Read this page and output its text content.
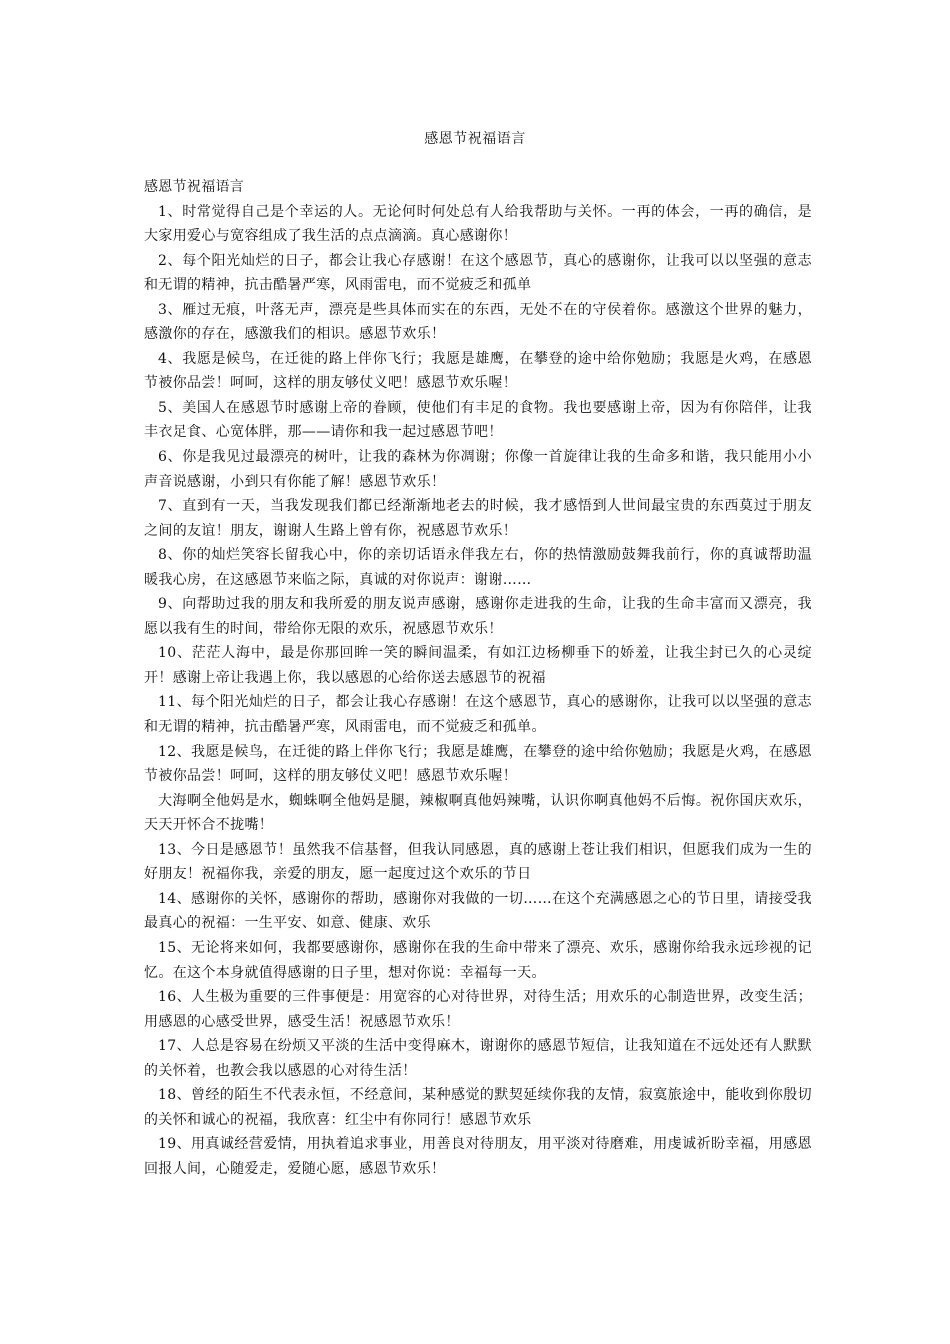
感恩节祝福语言

感恩节祝福语言

1、时常觉得自己是个幸运的人。无论何时何处总有人给我帮助与关怀。一再的体会，一再的确信，是大家用爱心与宽容组成了我生活的点点滴滴。真心感谢你！

2、每个阳光灿烂的日子，都会让我心存感谢！在这个感恩节，真心的感谢你，让我可以以坚强的意志和无谓的精神，抗击酷暑严寒，风雨雷电，而不觉疲乏和孤单

3、雁过无痕，叶落无声，漂亮是些具体而实在的东西，无处不在的守侯着你。感激这个世界的魅力，感激你的存在，感激我们的相识。感恩节欢乐！

4、我愿是候鸟，在迁徙的路上伴你飞行；我愿是雄鹰，在攀登的途中给你勉励；我愿是火鸡，在感恩节被你品尝！呵呵，这样的朋友够仗义吧！感恩节欢乐喔！

5、美国人在感恩节时感谢上帝的眷顾，使他们有丰足的食物。我也要感谢上帝，因为有你陪伴，让我丰衣足食、心宽体胖，那——请你和我一起过感恩节吧！

6、你是我见过最漂亮的树叶，让我的森林为你凋谢；你像一首旋律让我的生命多和谐，我只能用小小声音说感谢，小到只有你能了解！感恩节欢乐！

7、直到有一天，当我发现我们都已经渐渐地老去的时候，我才感悟到人世间最宝贵的东西莫过于朋友之间的友谊！朋友，谢谢人生路上曾有你，祝感恩节欢乐！

8、你的灿烂笑容长留我心中，你的亲切话语永伴我左右，你的热情激励鼓舞我前行，你的真诚帮助温暖我心房，在这感恩节来临之际，真诚的对你说声：谢谢……

9、向帮助过我的朋友和我所爱的朋友说声感谢，感谢你走进我的生命，让我的生命丰富而又漂亮，我愿以我有生的时间，带给你无限的欢乐，祝感恩节欢乐！

10、茫茫人海中，最是你那回眸一笑的瞬间温柔，有如江边杨柳垂下的娇羞，让我尘封已久的心灵绽开！感谢上帝让我遇上你，我以感恩的心给你送去感恩节的祝福

11、每个阳光灿烂的日子，都会让我心存感谢！在这个感恩节，真心的感谢你，让我可以以坚强的意志和无谓的精神，抗击酷暑严寒，风雨雷电，而不觉疲乏和孤单。

12、我愿是候鸟，在迁徙的路上伴你飞行；我愿是雄鹰，在攀登的途中给你勉励；我愿是火鸡，在感恩节被你品尝！呵呵，这样的朋友够仗义吧！感恩节欢乐喔！

大海啊全他妈是水，蜘蛛啊全他妈是腿，辣椒啊真他妈辣嘴，认识你啊真他妈不后悔。祝你国庆欢乐，天天开怀合不拢嘴！

13、今日是感恩节！虽然我不信基督，但我认同感恩，真的感谢上苍让我们相识，但愿我们成为一生的好朋友！祝福你我，亲爱的朋友，愿一起度过这个欢乐的节日

14、感谢你的关怀，感谢你的帮助，感谢你对我做的一切……在这个充满感恩之心的节日里，请接受我最真心的祝福：一生平安、如意、健康、欢乐

15、无论将来如何，我都要感谢你，感谢你在我的生命中带来了漂亮、欢乐，感谢你给我永远珍视的记忆。在这个本身就值得感谢的日子里，想对你说：幸福每一天。

16、人生极为重要的三件事便是：用宽容的心对待世界，对待生活；用欢乐的心制造世界，改变生活；用感恩的心感受世界，感受生活！祝感恩节欢乐！

17、人总是容易在纷烦又平淡的生活中变得麻木，谢谢你的感恩节短信，让我知道在不远处还有人默默的关怀着，也教会我以感恩的心对待生活！

18、曾经的陌生不代表永恒，不经意间，某种感觉的默契延续你我的友情，寂寞旅途中，能收到你殷切的关怀和诚心的祝福，我欣喜：红尘中有你同行！感恩节欢乐

19、用真诚经营爱情，用执着追求事业，用善良对待朋友，用平淡对待磨难，用虔诚祈盼幸福，用感恩回报人间，心随爱走，爱随心愿，感恩节欢乐！
